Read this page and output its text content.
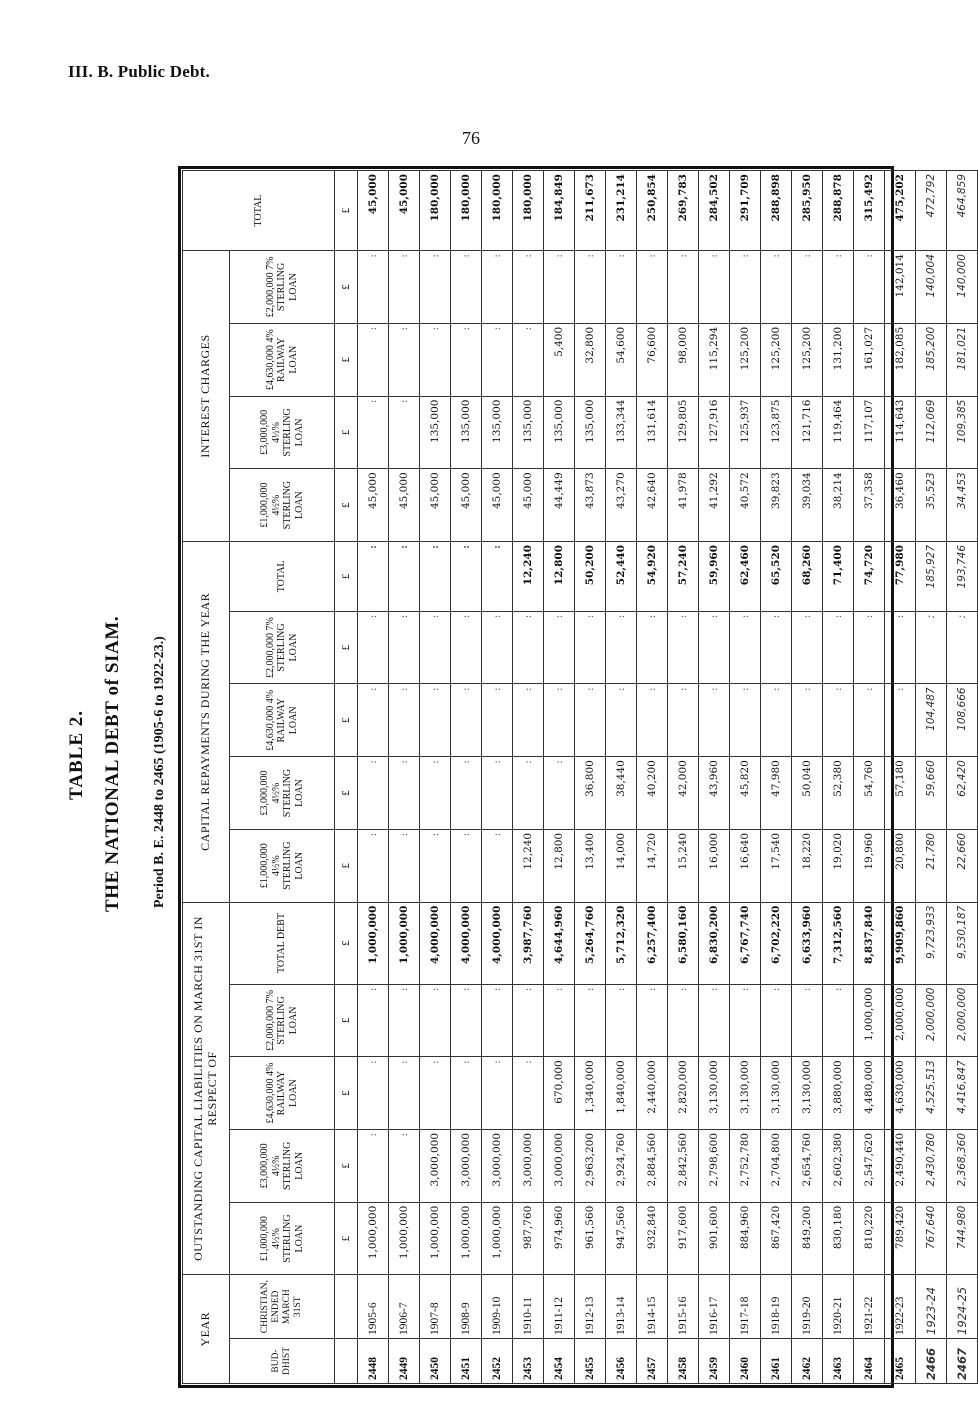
III. B. Public Debt.
76
TABLE 2. THE NATIONAL DEBT of SIAM. Period B. E. 2448 to 2465 (1905-6 to 1922-23.)
YEAR		OUTSTANDING CAPITAL LIABILITIES ON MARCH 31ST IN RESPECT OF					CAPITAL REPAYMENTS DURING THE YEAR					INTEREST CHARGES				TOTAL
BUD- DHIST	CHRISTIAN, ENDED MARCH 31ST	£1,000,000 4½% STERLING LOAN	£3,000,000 4½% STERLING LOAN	£4,630,000 4% RAILWAY LOAN	£2,000,000 7% STERLING LOAN	TOTAL DEBT	£1,000,000 4½% STERLING LOAN	£3,000,000 4½% STERLING LOAN	£4,630,000 4% RAILWAY LOAN	£2,000,000 7% STERLING LOAN	TOTAL	£1,000,000 4½% STERLING LOAN	£3,000,000 4½% STERLING LOAN	£4,630,000 4% RAILWAY LOAN	£2,000,000 7% STERLING LOAN	
		£	£	£	£	£	£	£	£	£	£	£	£	£	£	£
2448	1905-6	1,000,000	:	:	:	1,000,000	:	:	:	:	:	45,000	:	:	:	45,000
2449	1906-7	1,000,000	:	:	:	1,000,000	:	:	:	:	:	45,000	:	:	:	45,000
2450	1907-8	1,000,000	3,000,000	:	:	4,000,000	:	:	:	:	:	45,000	135,000	:	:	180,000
2451	1908-9	1,000,000	3,000,000	:	:	4,000,000	:	:	:	:	:	45,000	135,000	:	:	180,000
2452	1909-10	1,000,000	3,000,000	:	:	4,000,000	:	:	:	:	:	45,000	135,000	:	:	180,000
2453	1910-11	987,760	3,000,000	:	:	3,987,760	12,240	:	:	:	12,240	45,000	135,000	:	:	180,000
2454	1911-12	974,960	3,000,000	670,000	:	4,644,960	12,800	:	:	:	12,800	44,449	135,000	5,400	:	184,849
2455	1912-13	961,560	2,963,200	1,340,000	:	5,264,760	13,400	36,800	:	:	50,200	43,873	135,000	32,800	:	211,673
2456	1913-14	947,560	2,924,760	1,840,000	:	5,712,320	14,000	38,440	:	:	52,440	43,270	133,344	54,600	:	231,214
2457	1914-15	932,840	2,884,560	2,440,000	:	6,257,400	14,720	40,200	:	:	54,920	42,640	131,614	76,600	:	250,854
2458	1915-16	917,600	2,842,560	2,820,000	:	6,580,160	15,240	42,000	:	:	57,240	41,978	129,805	98,000	:	269,783
2459	1916-17	901,600	2,798,600	3,130,000	:	6,830,200	16,000	43,960	:	:	59,960	41,292	127,916	115,294	:	284,502
2460	1917-18	884,960	2,752,780	3,130,000	:	6,767,740	16,640	45,820	:	:	62,460	40,572	125,937	125,200	:	291,709
2461	1918-19	867,420	2,704,800	3,130,000	:	6,702,220	17,540	47,980	:	:	65,520	39,823	123,875	125,200	:	288,898
2462	1919-20	849,200	2,654,760	3,130,000	:	6,633,960	18,220	50,040	:	:	68,260	39,034	121,716	125,200	:	285,950
2463	1920-21	830,180	2,602,380	3,880,000	:	7,312,560	19,020	52,380	:	:	71,400	38,214	119,464	131,200	:	288,878
2464	1921-22	810,220	2,547,620	4,480,000	1,000,000	8,837,840	19,960	54,760	:	:	74,720	37,358	117,107	161,027	:	315,492
2465	1922-23	789,420	2,490,440	4,630,000	2,000,000	9,909,860	20,800	57,180	:	:	77,980	36,460	114,643	182,085	142,014	475,202
2466	1923-24	767,640	2,430,780	4,525,513	2,000,000	9,723,933	21,780	59,660	104,487	:	185,927	35,523	112,069	185,200	140,004	472,792
2467	1924-25	744,980	2,368,360	4,416,847	2,000,000	9,530,187	22,660	62,420	108,666	:	193,746	34,453	109,385	181,021	140,000	464,859
